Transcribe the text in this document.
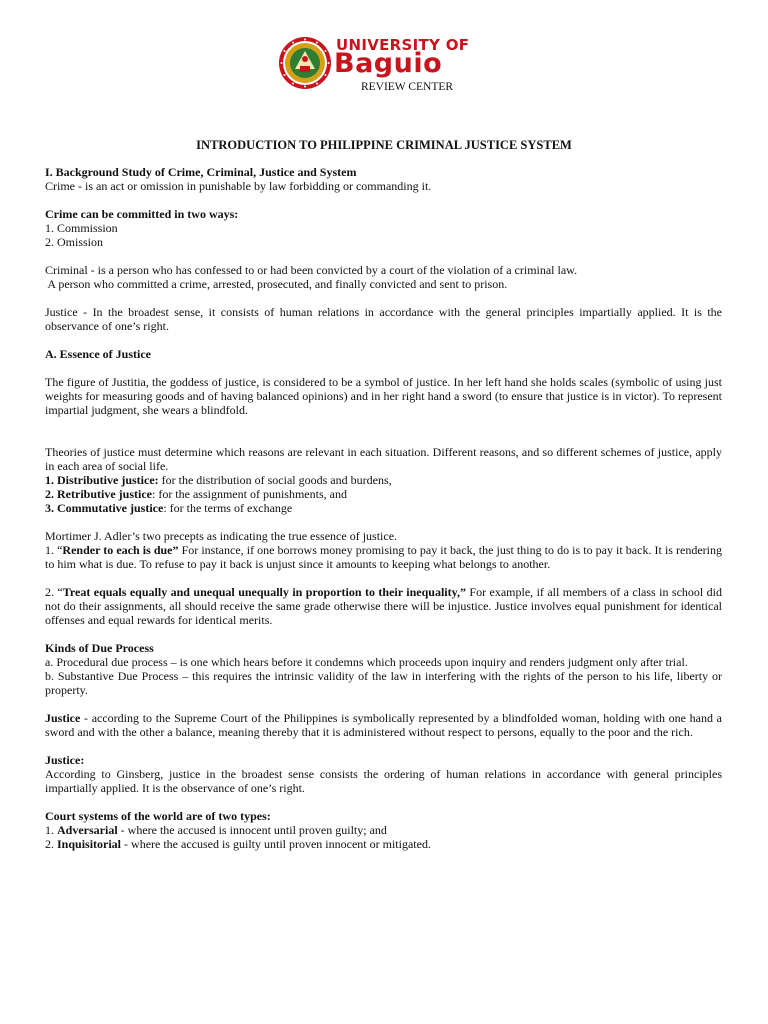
UNIVERSITY OF
Baguio
REVIEW CENTER
INTRODUCTION TO PHILIPPINE CRIMINAL JUSTICE SYSTEM
I. Background Study of Crime, Criminal, Justice and System
Crime - is an act or omission in punishable by law forbidding or commanding it.
Crime can be committed in two ways:
1. Commission
2. Omission
Criminal - is a person who has confessed to or had been convicted by a court of the violation of a criminal law.
A person who committed a crime, arrested, prosecuted, and finally convicted and sent to prison.

Justice - In the broadest sense, it consists of human relations in accordance with the general principles impartially applied. It is the observance of one’s right.

A. Essence of Justice

The figure of Justitia, the goddess of justice, is considered to be a symbol of justice. In her left hand she holds scales (symbolic of using just weights for measuring goods and of having balanced opinions) and in her right hand a sword (to ensure that justice is in victor). To represent impartial judgment, she wears a blindfold.

Theories of justice must determine which reasons are relevant in each situation. Different reasons, and so different schemes of justice, apply in each area of social life.
1. Distributive justice: for the distribution of social goods and burdens,
2. Retributive justice: for the assignment of punishments, and
3. Commutative justice: for the terms of exchange
Mortimer J. Adler’s two precepts as indicating the true essence of justice.

1. “Render to each is due” For instance, if one borrows money promising to pay it back, the just thing to do is to pay it back. It is rendering to him what is due. To refuse to pay it back is unjust since it amounts to keeping what belongs to another.

2. “Treat equals equally and unequal unequally in proportion to their inequality,” For example, if all members of a class in school did not do their assignments, all should receive the same grade otherwise there will be injustice. Justice involves equal punishment for identical offenses and equal rewards for identical merits.

Kinds of Due Process
a. Procedural due process – is one which hears before it condemns which proceeds upon inquiry and renders judgment only after trial.

b. Substantive Due Process – this requires the intrinsic validity of the law in interfering with the rights of the person to his life, liberty or property.

Justice - according to the Supreme Court of the Philippines is symbolically represented by a blindfolded woman, holding with one hand a sword and with the other a balance, meaning thereby that it is administered without respect to persons, equally to the poor and the rich.

Justice:

According to Ginsberg, justice in the broadest sense consists the ordering of human relations in accordance with general principles impartially applied. It is the observance of one’s right.

Court systems of the world are of two types:
1. Adversarial - where the accused is innocent until proven guilty; and
2. Inquisitorial - where the accused is guilty until proven innocent or mitigated.
